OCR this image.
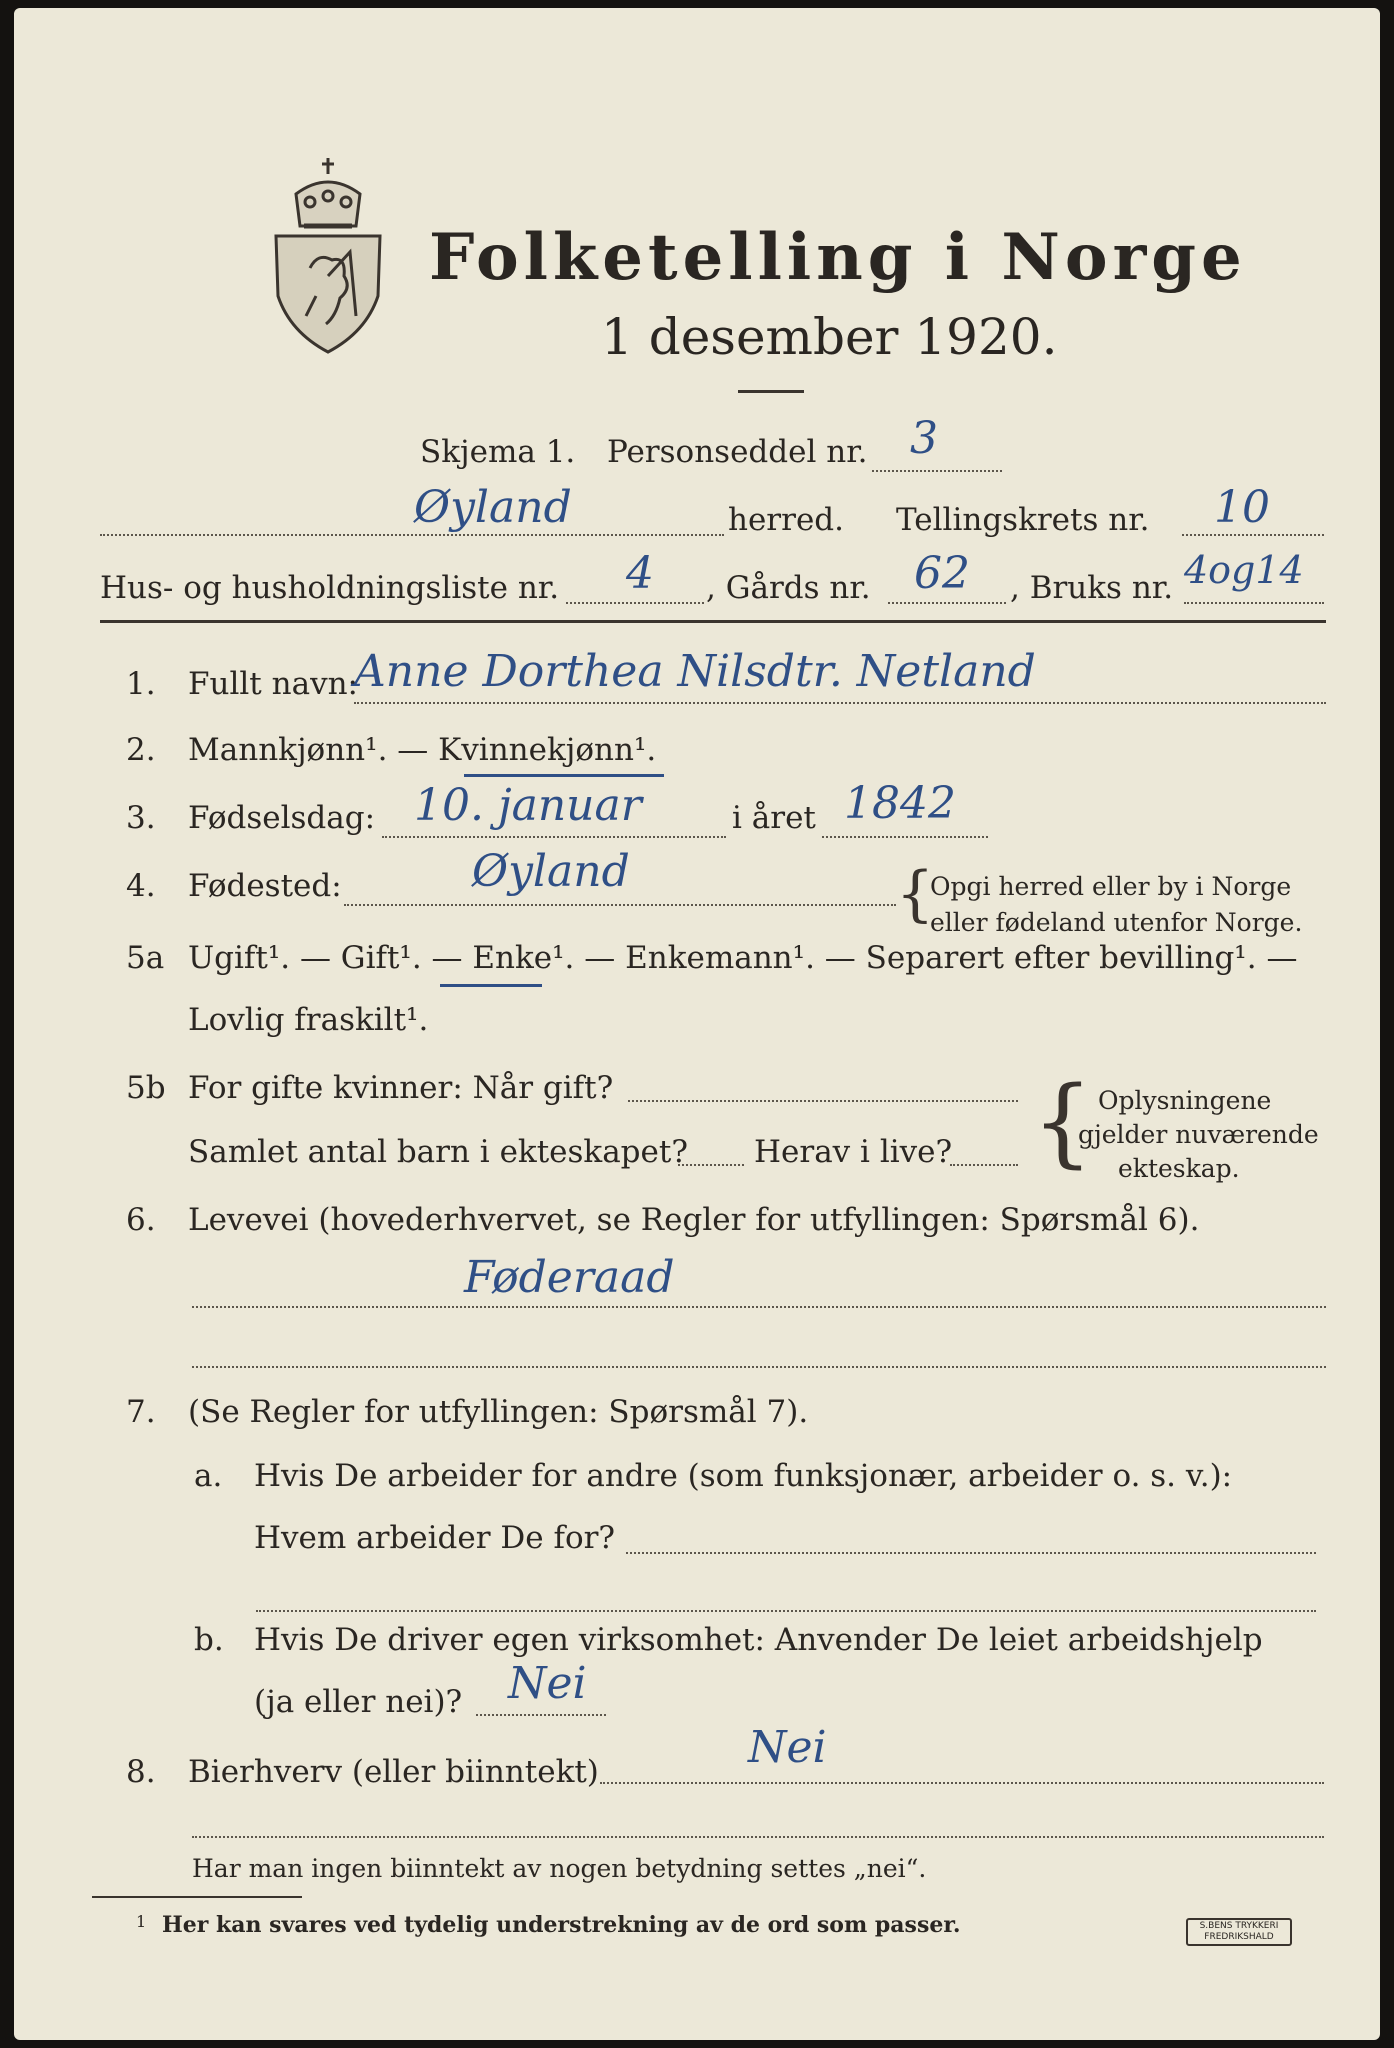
Folketelling i Norge
1 desember 1920.
Skjema 1. Personseddel nr. 3
Øyland	herred. Tellingskrets nr. 10
Hus- og husholdningsliste nr. 4 , Gårds nr. 62 , Bruks nr. 4og14
1. Fullt navn:
Anne Dorthea Nilsdtr. Netland
2. Mannkjønn¹. — Kvinnekjønn¹.
3. Fødselsdag: 10. januar	i året 1842
4. Fødested:	Øyland	{
Opgi herred eller by i Norge
eller fødeland utenfor Norge.
5a Ugift¹. — Gift¹. — Enke¹. — Enkemann¹. — Separert efter bevilling¹. —
Lovlig fraskilt¹.
5b For gifte kvinner: Når gift?
Samlet antal barn i ekteskapet? Herav i live? { Oplysningene
gjelder nuværende
ekteskap.
6. Levevei (hovederhvervet, se Regler for utfyllingen: Spørsmål 6).
Føderaad
7. (Se Regler for utfyllingen: Spørsmål 7).
a. Hvis De arbeider for andre (som funksjonær, arbeider o. s. v.):
Hvem arbeider De for?
b. Hvis De driver egen virksomhet: Anvender De leiet arbeidshjelp
(ja eller nei)? Nei
8. Bierhverv (eller biinntekt)	Nei
Har man ingen biinntekt av nogen betydning settes „nei“.
1 Her kan svares ved tydelig understrekning av de ord som passer.	S.BENS TRYKKERI FREDRIKSHALD
